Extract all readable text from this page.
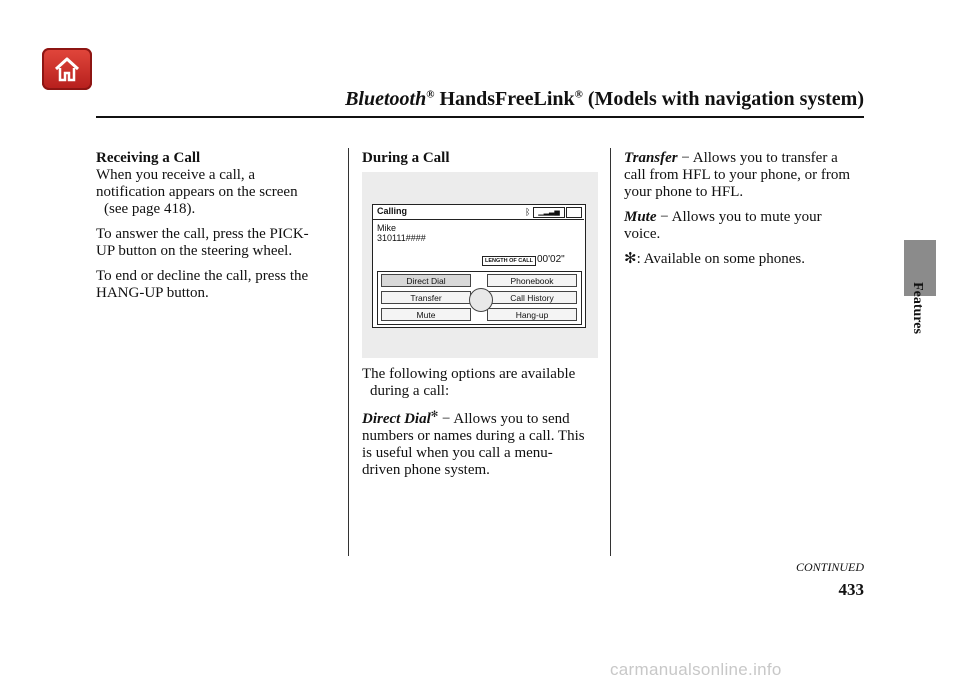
Bluetooth® HandsFreeLink® (Models with navigation system)
Features

Receiving a Call
When you receive a call, a
notification appears on the screen
(see page 418).

To answer the call, press the PICK-
UP button on the steering wheel.

To end or decline the call, press the
HANG-UP button.

During a Call
Calling	ᛒ	▁▂▃▅
Mike
310111####
LENGTH OF CALL 00'02"
Direct Dial	Phonebook
Transfer	Call History
Mute	Hang-up

The following options are available
during a call:

Direct Dial✻ − Allows you to send
numbers or names during a call. This
is useful when you call a menu-
driven phone system.

Transfer − Allows you to transfer a
call from HFL to your phone, or from
your phone to HFL.

Mute − Allows you to mute your
voice.

✻: Available on some phones.

CONTINUED
433
carmanualsonline.info
